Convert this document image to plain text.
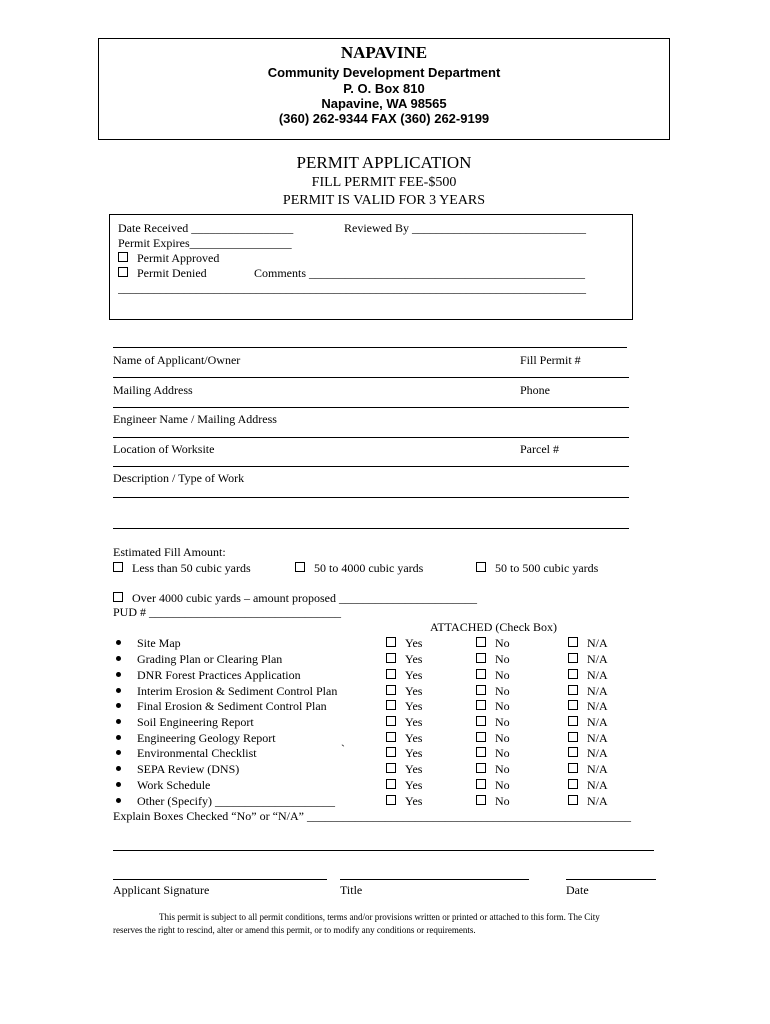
NAPAVINE
Community Development Department
P. O. Box 810
Napavine, WA 98565
(360) 262-9344 FAX (360) 262-9199
PERMIT APPLICATION
FILL PERMIT FEE-$500
PERMIT IS VALID FOR 3 YEARS
Date Received _________________	Reviewed By _____________________________
Permit Expires_________________
Permit Approved
Permit Denied	Comments ______________________________________________
______________________________________________________________________________
Name of Applicant/Owner	Fill Permit #
Mailing Address	Phone
Engineer Name / Mailing Address
Location of Worksite	Parcel #
Description / Type of Work
Estimated Fill Amount:
Less than 50 cubic yards	50 to 4000 cubic yards	50 to 500 cubic yards
Over 4000 cubic yards – amount proposed _______________________
PUD # ________________________________
ATTACHED (Check Box)
Site Map	Yes	No	N/A
Grading Plan or Clearing Plan	Yes	No	N/A
DNR Forest Practices Application	Yes	No	N/A
Interim Erosion & Sediment Control Plan	Yes	No	N/A
Final Erosion & Sediment Control Plan	Yes	No	N/A
Soil Engineering Report	Yes	No	N/A
Engineering Geology Report	Yes	No	N/A
Environmental Checklist	Yes	No	N/A
SEPA Review (DNS)	Yes	No	N/A
Work Schedule	Yes	No	N/A
Other (Specify) ____________________	Yes	No	N/A
`
Explain Boxes Checked “No” or “N/A” ______________________________________________________
Applicant Signature	Title	Date
This permit is subject to all permit conditions, terms and/or provisions written or printed or attached to this form. The City
reserves the right to rescind, alter or amend this permit, or to modify any conditions or requirements.
